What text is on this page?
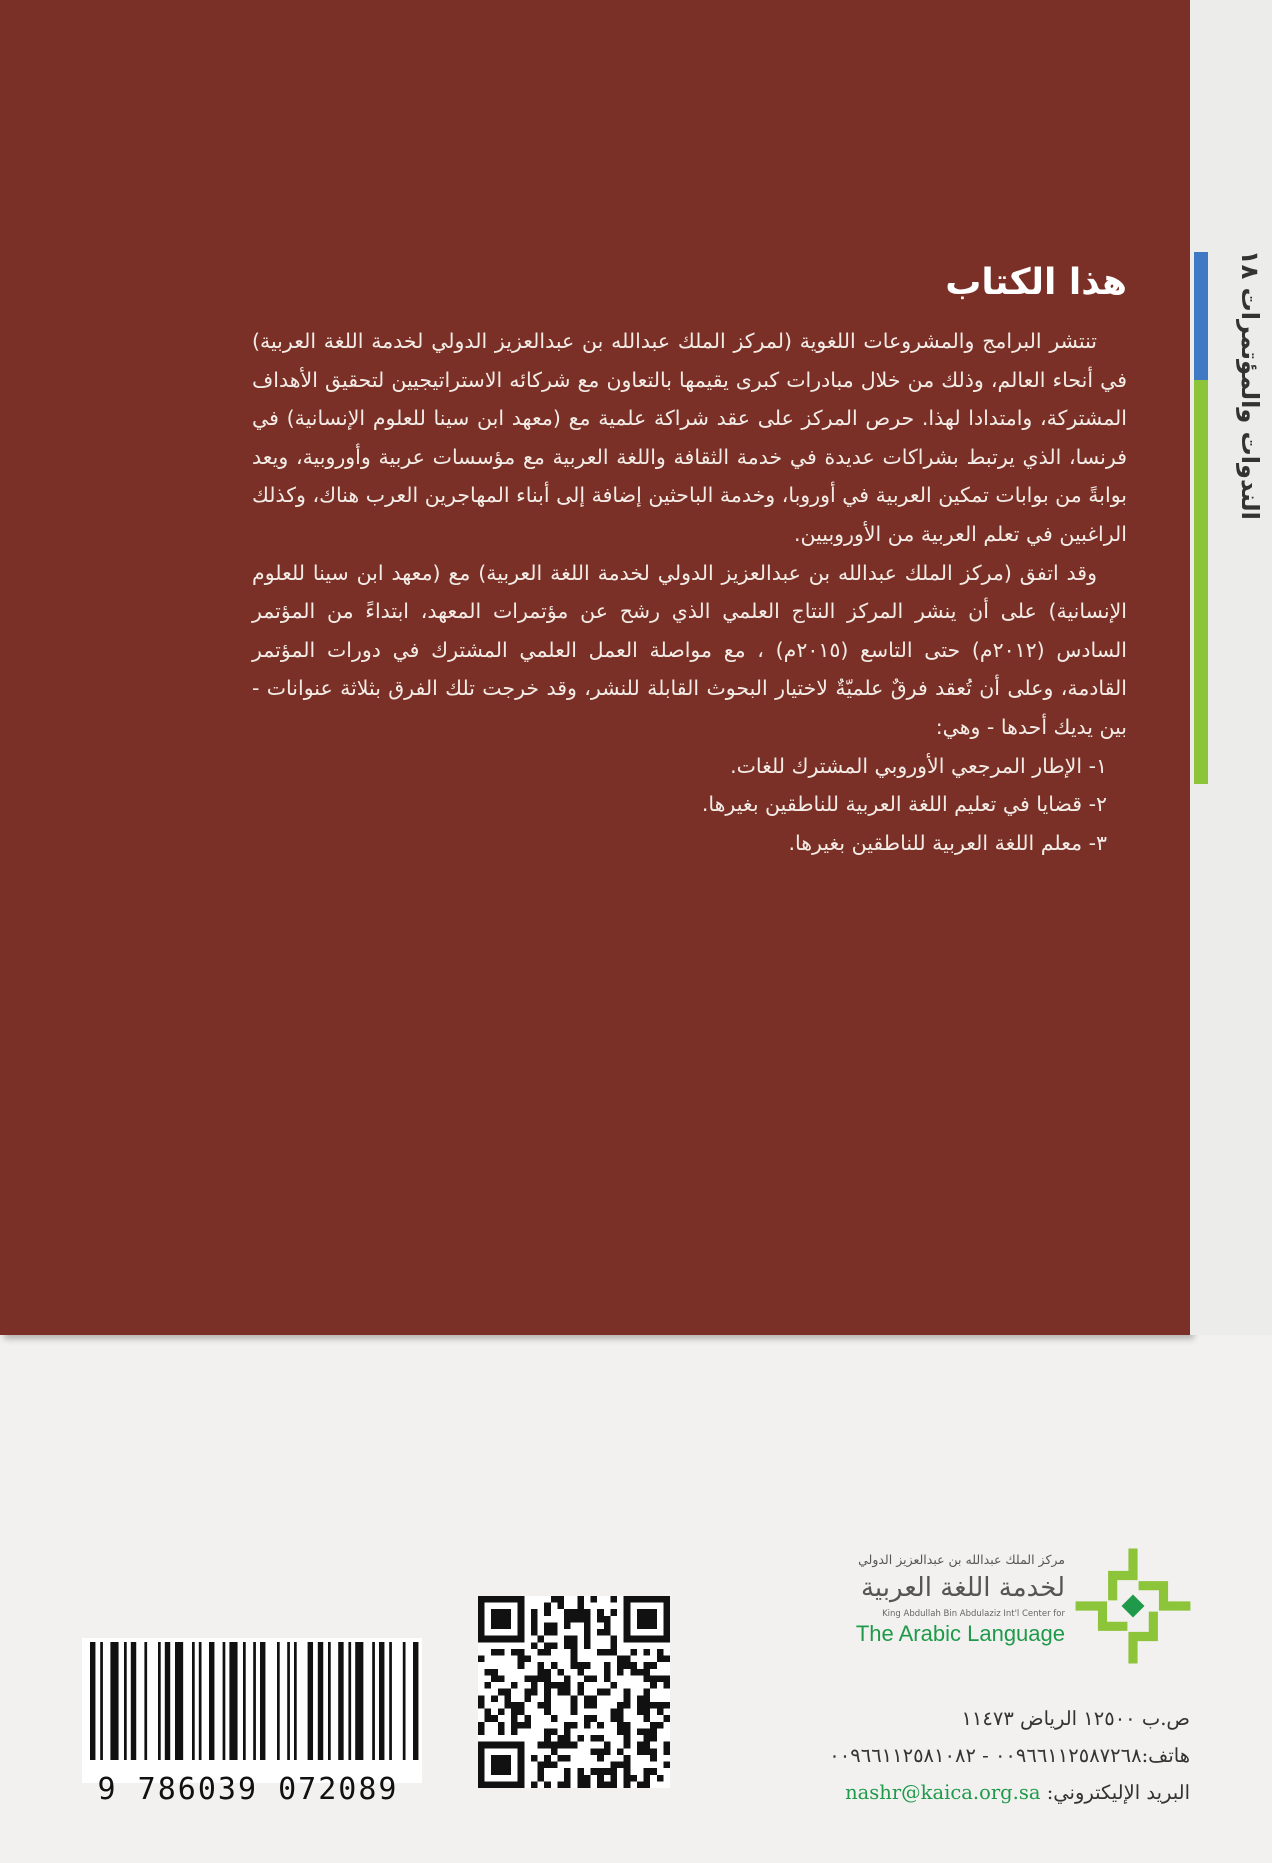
الندوات والمؤتمرات ١٨
هذا الكتاب

تنتشر البرامج والمشروعات اللغوية (لمركز الملك عبدالله بن عبدالعزيز الدولي لخدمة اللغة العربية) في أنحاء العالم، وذلك من خلال مبادرات كبرى يقيمها بالتعاون مع شركائه الاستراتيجيين لتحقيق الأهداف المشتركة، وامتدادا لهذا. حرص المركز على عقد شراكة علمية مع (معهد ابن سينا للعلوم الإنسانية) في فرنسا، الذي يرتبط بشراكات عديدة في خدمة الثقافة واللغة العربية مع مؤسسات عربية وأوروبية، ويعد بوابةً من بوابات تمكين العربية في أوروبا، وخدمة الباحثين إضافة إلى أبناء المهاجرين العرب هناك، وكذلك الراغبين في تعلم العربية من الأوروبيين.

وقد اتفق (مركز الملك عبدالله بن عبدالعزيز الدولي لخدمة اللغة العربية) مع (معهد ابن سينا للعلوم الإنسانية) على أن ينشر المركز النتاج العلمي الذي رشح عن مؤتمرات المعهد، ابتداءً من المؤتمر السادس (٢٠١٢م) حتى التاسع (٢٠١٥م) ، مع مواصلة العمل العلمي المشترك في دورات المؤتمر القادمة، وعلى أن تُعقد فرقٌ علميّةٌ لاختيار البحوث القابلة للنشر، وقد خرجت تلك الفرق بثلاثة عنوانات - بين يديك أحدها - وهي:

١- الإطار المرجعي الأوروبي المشترك للغات.

٢- قضايا في تعليم اللغة العربية للناطقين بغيرها.

٣- معلم اللغة العربية للناطقين بغيرها.

مركز الملك عبدالله بن عبدالعزيز الدولي
لخدمة اللغة العربية
King Abdullah Bin Abdulaziz Int'l Center for
The Arabic Language
ص.ب ١٢٥٠٠ الرياض ١١٤٧٣
هاتف:٠٠٩٦٦١١٢٥٨٧٢٦٨ - ٠٠٩٦٦١١٢٥٨١٠٨٢
البريد الإليكتروني: nashr@kaica.org.sa
9 786039 072089
